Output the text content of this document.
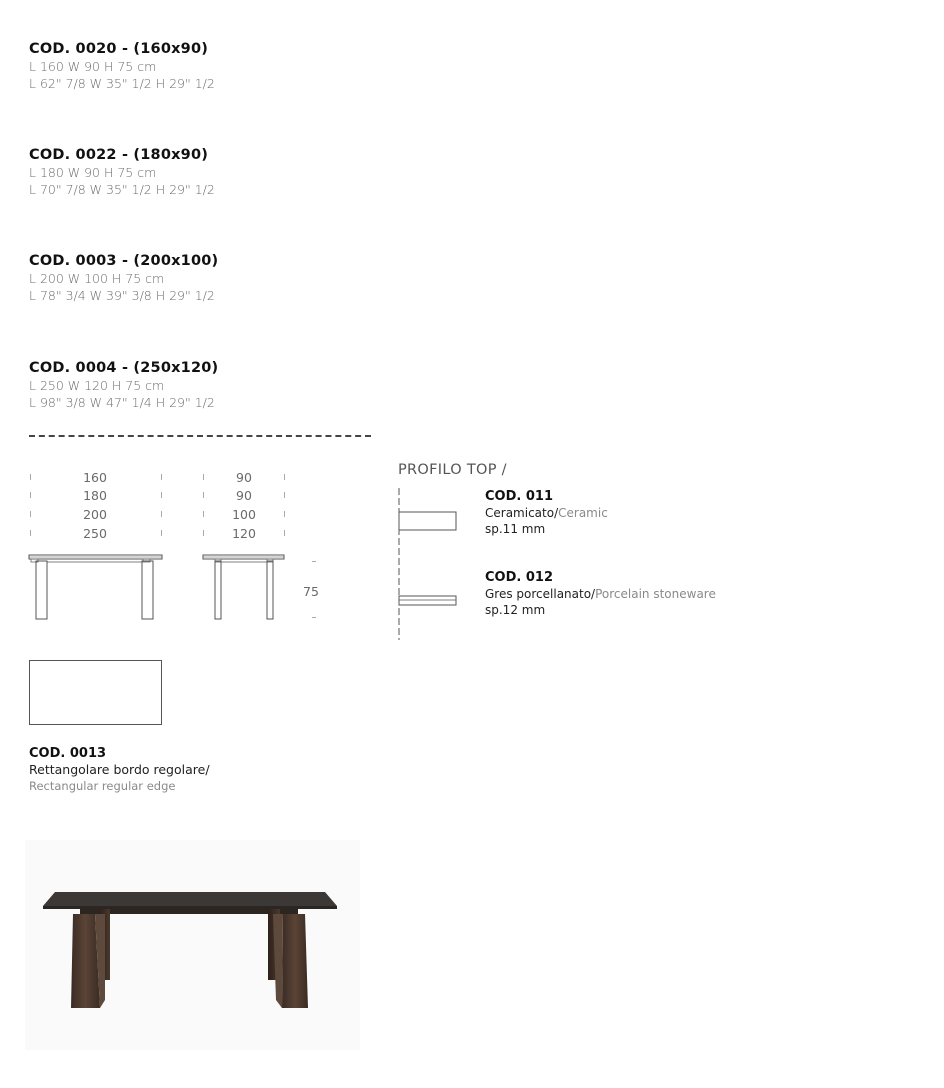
COD. 0020 - (160x90)
L 160 W 90 H 75 cm
L 62" 7/8 W 35" 1/2 H 29" 1/2
COD. 0022 - (180x90)
L 180 W 90 H 75 cm
L 70" 7/8 W 35" 1/2 H 29" 1/2
COD. 0003 - (200x100)
L 200 W 100 H 75 cm
L 78" 3/4 W 39" 3/8 H 29" 1/2
COD. 0004 - (250x120)
L 250 W 120 H 75 cm
L 98" 3/8 W 47" 1/4 H 29" 1/2
160
180
200
250
90
90
100
120
75
PROFILO TOP /
COD. 011
Ceramicato/Ceramic
sp.11 mm
COD. 012
Gres porcellanato/Porcelain stoneware
sp.12 mm
COD. 0013
Rettangolare bordo regolare/
Rectangular regular edge
